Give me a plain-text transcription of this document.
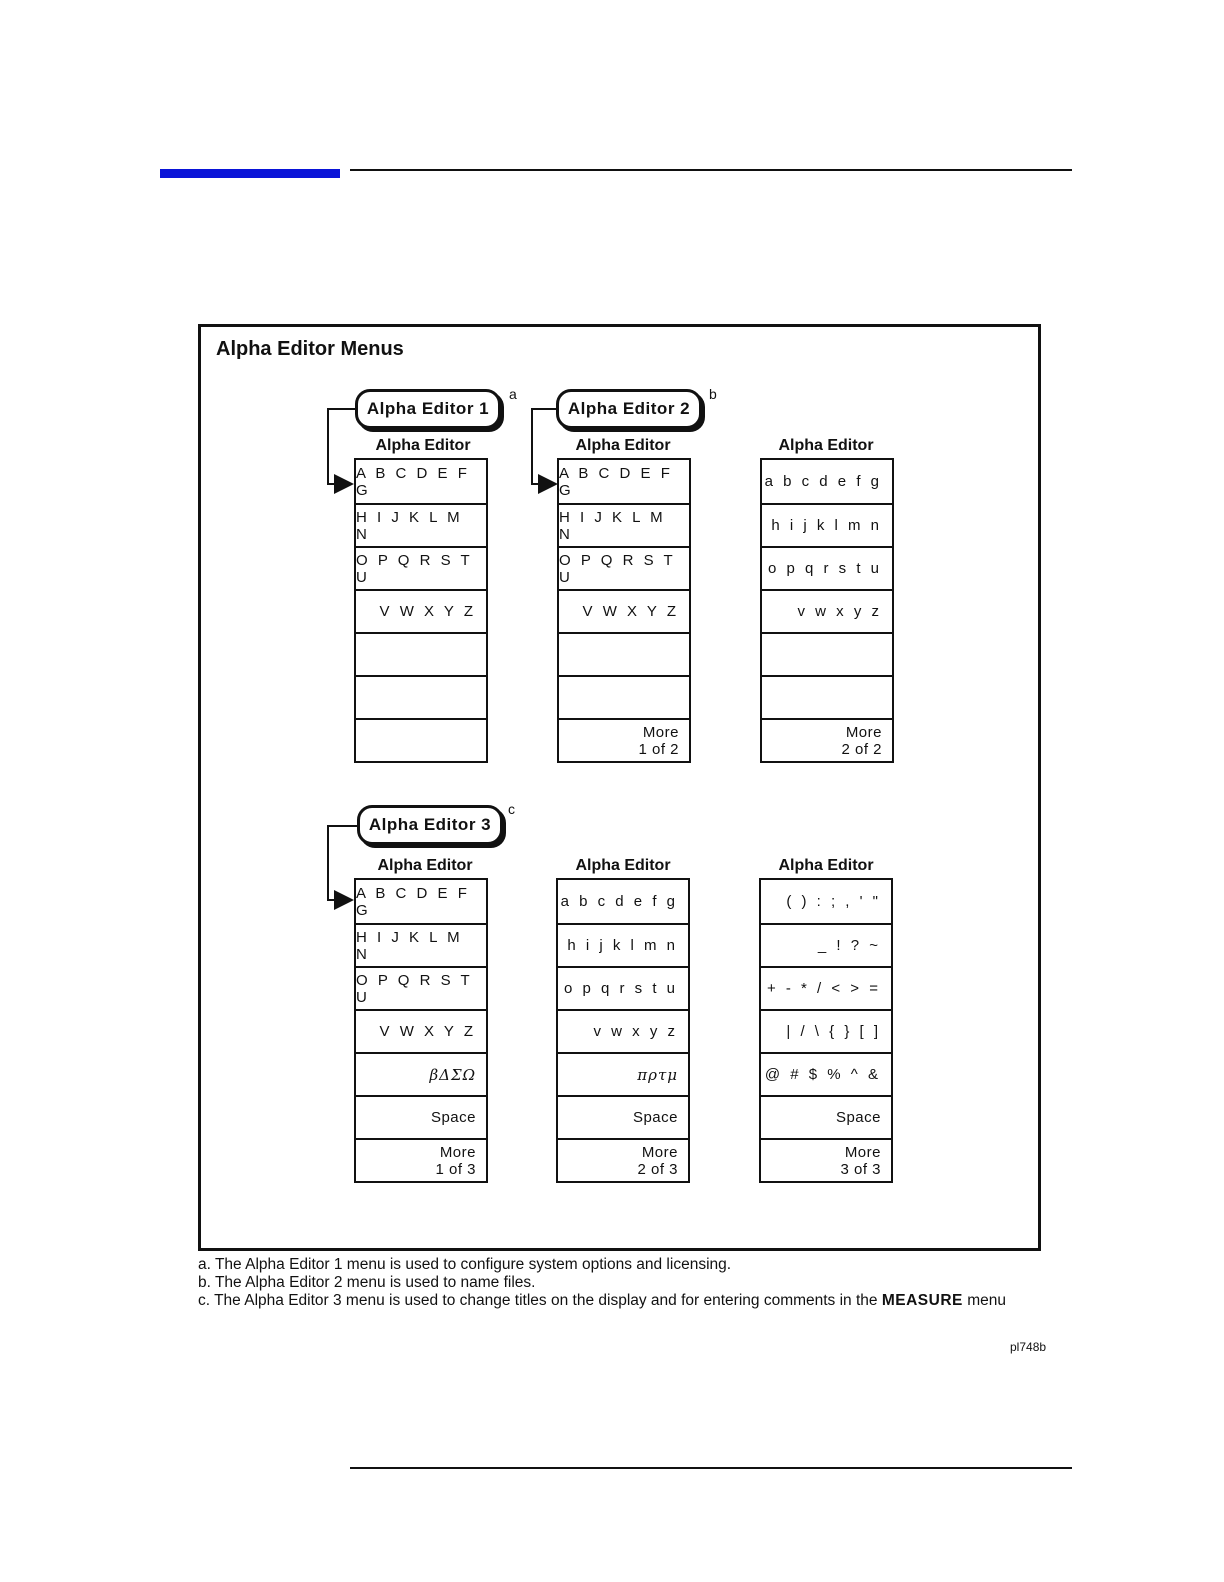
Alpha Editor Menus
Alpha Editor 1
a
Alpha Editor 2
b
Alpha Editor 3
c
Alpha Editor	Alpha Editor	Alpha Editor
Alpha Editor	Alpha Editor	Alpha Editor
A B C D E F G
H I J K L M N
O P Q R S T U
V W X Y Z
A B C D E F G
H I J K L M N
O P Q R S T U
V W X Y Z
More
1 of 2
a b c d e f g
h i j k l m n
o p q r s t u
v w x y z
More
2 of 2
A B C D E F G
H I J K L M N
O P Q R S T U
V W X Y Z
βΔΣΩ
Space
More
1 of 3
a b c d e f g
h i j k l m n
o p q r s t u
v w x y z
πρτμ
Space
More
2 of 3
( ) : ; , ' "
_ ! ? ~
+ - * / < > =
| / \ { } [ ]
@ # $ % ^ &
Space
More
3 of 3
a. The Alpha Editor 1 menu is used to configure system options and licensing.
b. The Alpha Editor 2 menu is used to name files.
c. The Alpha Editor 3 menu is used to change titles on the display and for entering comments in the MEASURE menu
pl748b
